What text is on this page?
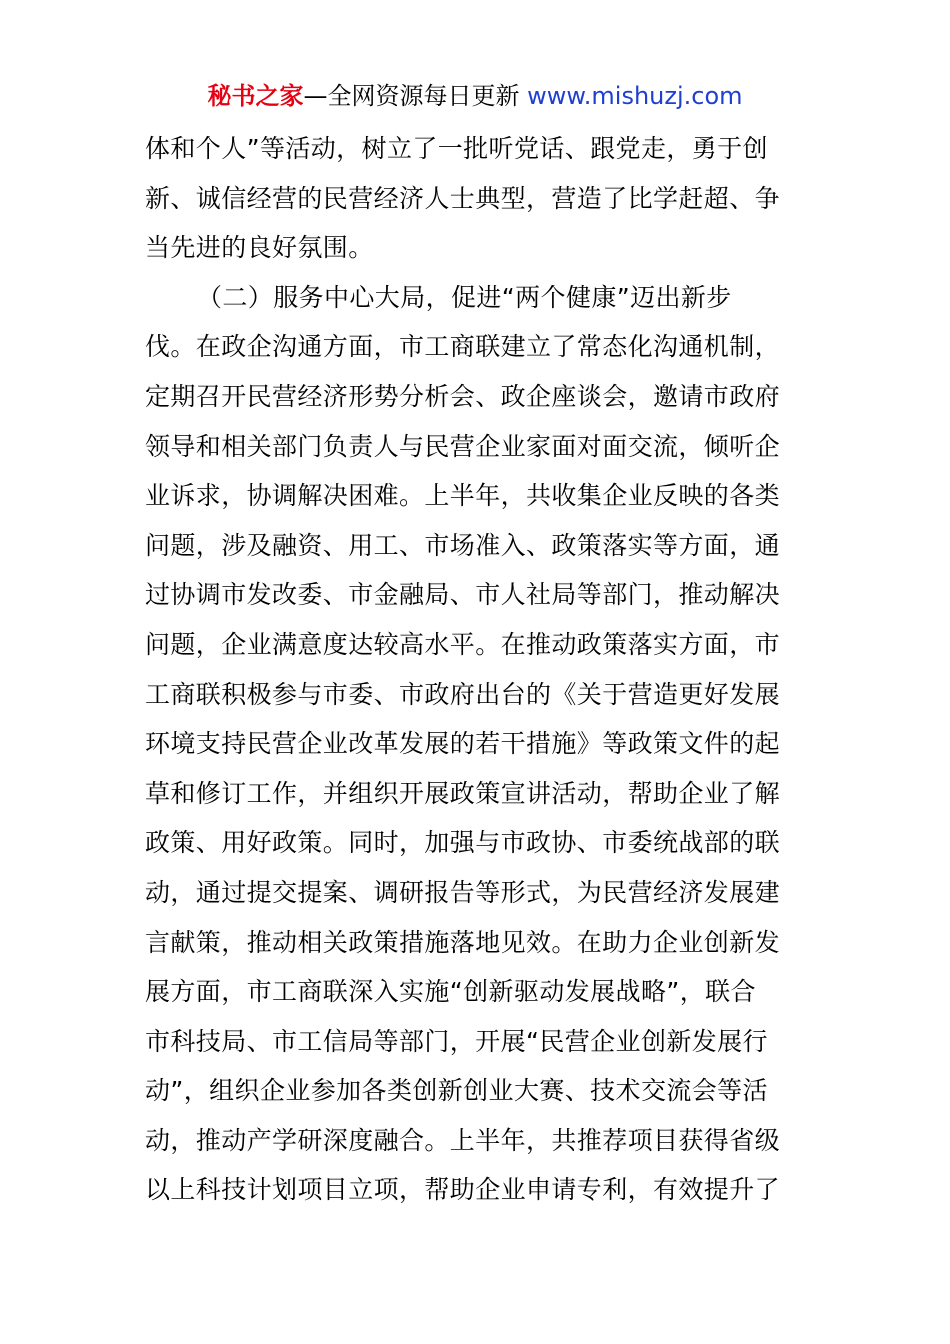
秘书之家—全网资源每日更新 www.mishuzj.com
体和个人”等活动，树立了一批听党话、跟党走，勇于创
新、诚信经营的民营经济人士典型，营造了比学赶超、争
当先进的良好氛围。
（二）服务中心大局，促进“两个健康”迈出新步
伐。在政企沟通方面，市工商联建立了常态化沟通机制，
定期召开民营经济形势分析会、政企座谈会，邀请市政府
领导和相关部门负责人与民营企业家面对面交流，倾听企
业诉求，协调解决困难。上半年，共收集企业反映的各类
问题，涉及融资、用工、市场准入、政策落实等方面，通
过协调市发改委、市金融局、市人社局等部门，推动解决
问题，企业满意度达较高水平。在推动政策落实方面，市
工商联积极参与市委、市政府出台的《关于营造更好发展
环境支持民营企业改革发展的若干措施》等政策文件的起
草和修订工作，并组织开展政策宣讲活动，帮助企业了解
政策、用好政策。同时，加强与市政协、市委统战部的联
动，通过提交提案、调研报告等形式，为民营经济发展建
言献策，推动相关政策措施落地见效。在助力企业创新发
展方面，市工商联深入实施“创新驱动发展战略”，联合
市科技局、市工信局等部门，开展“民营企业创新发展行
动”，组织企业参加各类创新创业大赛、技术交流会等活
动，推动产学研深度融合。上半年，共推荐项目获得省级
以上科技计划项目立项，帮助企业申请专利，有效提升了
